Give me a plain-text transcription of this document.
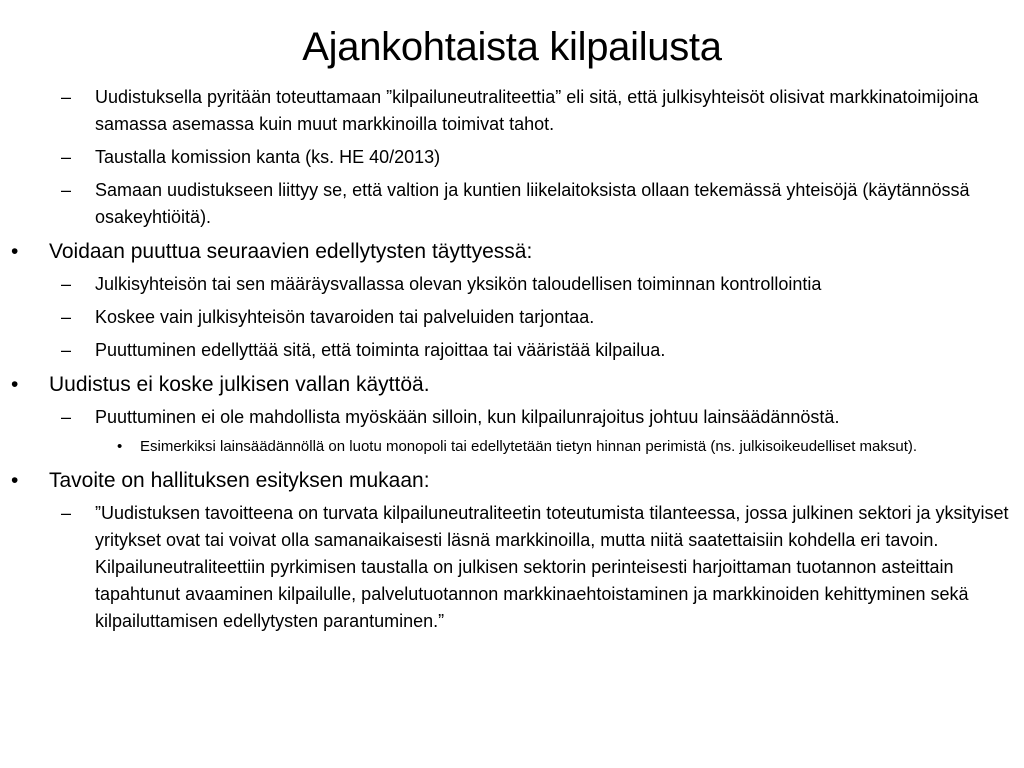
Ajankohtaista kilpailusta
– Uudistuksella pyritään toteuttamaan ”kilpailuneutraliteettia” eli sitä, että julkisyhteisöt olisivat markkinatoimijoina samassa asemassa kuin muut markkinoilla toimivat tahot.
– Taustalla komission kanta (ks. HE 40/2013)
– Samaan uudistukseen liittyy se, että valtion ja kuntien liikelaitoksista ollaan tekemässä yhteisöjä (käytännössä osakeyhtiöitä).
• Voidaan puuttua seuraavien edellytysten täyttyessä:
– Julkisyhteisön tai sen määräysvallassa olevan yksikön taloudellisen toiminnan kontrollointia
– Koskee vain julkisyhteisön tavaroiden tai palveluiden tarjontaa.
– Puuttuminen edellyttää sitä, että toiminta rajoittaa tai vääristää kilpailua.
• Uudistus ei koske julkisen vallan käyttöä.
– Puuttuminen ei ole mahdollista myöskään silloin, kun kilpailunrajoitus johtuu lainsäädännöstä.
• Esimerkiksi lainsäädännöllä on luotu monopoli tai edellytetään tietyn hinnan perimistä (ns. julkisoikeudelliset maksut).
• Tavoite on hallituksen esityksen mukaan:
– ”Uudistuksen tavoitteena on turvata kilpailuneutraliteetin toteutumista tilanteessa, jossa julkinen sektori ja yksityiset yritykset ovat tai voivat olla samanaikaisesti läsnä markkinoilla, mutta niitä saatettaisiin kohdella eri tavoin. Kilpailuneutraliteettiin pyrkimisen taustalla on julkisen sektorin perinteisesti harjoittaman tuotannon asteittain tapahtunut avaaminen kilpailulle, palvelutuotannon markkinaehtoistaminen ja markkinoiden kehittyminen sekä kilpailuttamisen edellytysten parantuminen.”
